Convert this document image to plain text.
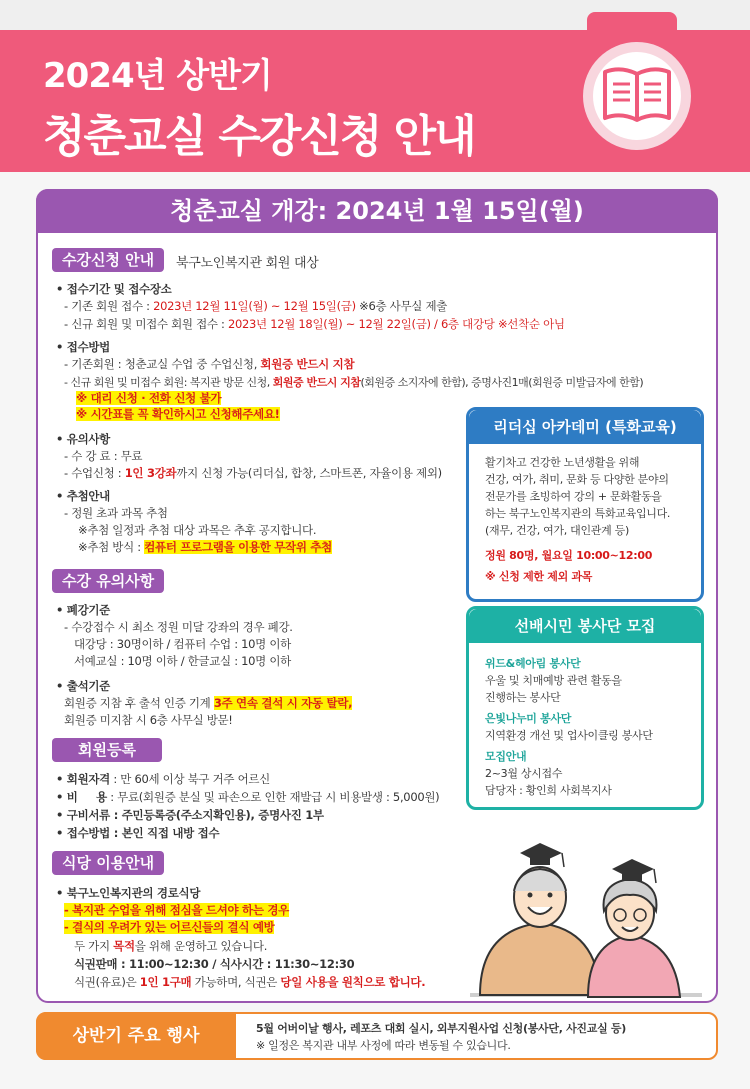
2024년 상반기
청춘교실 수강신청 안내
청춘교실 개강: 2024년 1월 15일(월)
수강신청 안내	북구노인복지관 회원 대상
• 접수기간 및 접수장소
- 기존 회원 접수 : 2023년 12월 11일(월) ~ 12월 15일(금) ※6층 사무실 제출
- 신규 회원 및 미접수 회원 접수 : 2023년 12월 18일(월) ~ 12월 22일(금) / 6층 대강당 ※선착순 아님
• 접수방법
- 기존회원 : 청춘교실 수업 중 수업신청, 회원증 반드시 지참
- 신규 회원 및 미접수 회원: 복지관 방문 신청, 회원증 반드시 지참(회원증 소지자에 한함), 증명사진1매(회원증 미발급자에 한함)
※ 대리 신청 · 전화 신청 불가
※ 시간표를 꼭 확인하시고 신청해주세요!
• 유의사항
- 수 강 료 : 무료
- 수업신청 : 1인 3강좌까지 신청 가능(리더십, 합창, 스마트폰, 자율이용 제외)
• 추첨안내
- 정원 초과 과목 추첨
※추첨 일정과 추첨 대상 과목은 추후 공지합니다.
※추첨 방식 : 컴퓨터 프로그램을 이용한 무작위 추첨
수강 유의사항
• 폐강기준
- 수강접수 시 최소 정원 미달 강좌의 경우 폐강.
대강당 : 30명이하 / 컴퓨터 수업 : 10명 이하
서예교실 : 10명 이하 / 한글교실 : 10명 이하
• 출석기준
회원증 지참 후 출석 인증 기계 3주 연속 결석 시 자동 탈락,
회원증 미지참 시 6층 사무실 방문!
회원등록
• 회원자격 : 만 60세 이상 북구 거주 어르신
• 비     용 : 무료(회원증 분실 및 파손으로 인한 재발급 시 비용발생 : 5,000원)
• 구비서류 : 주민등록증(주소지확인용), 증명사진 1부
• 접수방법 : 본인 직접 내방 접수
식당 이용안내
• 북구노인복지관의 경로식당
- 복지관 수업을 위해 점심을 드셔야 하는 경우
- 결식의 우려가 있는 어르신들의 결식 예방
두 가지 목적을 위해 운영하고 있습니다.
식권판매 : 11:00~12:30 / 식사시간 : 11:30~12:30
식권(유료)은 1인 1구매 가능하며, 식권은 당일 사용을 원칙으로 합니다.
리더십 아카데미 (특화교육)
활기차고 건강한 노년생활을 위해
건강, 여가, 취미, 문화 등 다양한 분야의
전문가를 초빙하여 강의 + 문화활동을
하는 북구노인복지관의 특화교육입니다.
(재무, 건강, 여가, 대인관계 등)
정원 80명, 월요일 10:00~12:00
※ 신청 제한 제외 과목
선배시민 봉사단 모집
위드&헤아림 봉사단
우울 및 치매예방 관련 활동을
진행하는 봉사단
은빛나누미 봉사단
지역환경 개선 및 업사이클링 봉사단
모집안내
2~3월 상시접수
담당자 : 황인희 사회복지사
상반기 주요 행사	5월 어버이날 행사, 레포츠 대회 실시, 외부지원사업 신청(봉사단, 사진교실 등)
※ 일정은 복지관 내부 사정에 따라 변동될 수 있습니다.
